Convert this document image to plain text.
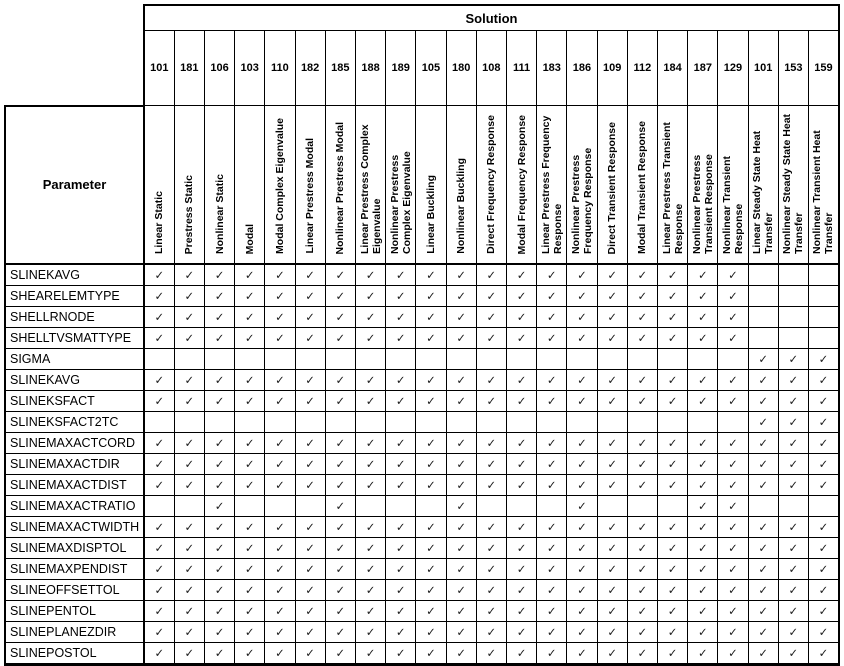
	Solution																						
	101	181	106	103	110	182	185	188	189	105	180	108	111	183	186	109	112	184	187	129	101	153	159
Parameter	Linear Static	Prestress Static	Nonlinear Static	Modal	Modal Complex Eigenvalue	Linear Prestress Modal	Nonlinear Prestress Modal	Linear Prestress Complex Eigenvalue	Nonlinear Prestress Complex Eigenvalue	Linear Buckling	Nonlinear Buckling	Direct Frequency Response	Modal Frequency Response	Linear Prestress Frequency Response	Nonlinear Prestress Frequency Response	Direct Transient Response	Modal Transient Response	Linear Prestress Transient Response	Nonlinear Prestress Transient Response	Nonlinear Transient Response	Linear Steady State Heat Transfer	Nonlinear Steady State Heat Transfer	Nonlinear Transient Heat Transfer
SLINEKAVG	✓	✓	✓	✓	✓	✓	✓	✓	✓	✓	✓	✓	✓	✓	✓	✓	✓	✓	✓	✓			
SHEARELEMTYPE	✓	✓	✓	✓	✓	✓	✓	✓	✓	✓	✓	✓	✓	✓	✓	✓	✓	✓	✓	✓			
SHELLRNODE	✓	✓	✓	✓	✓	✓	✓	✓	✓	✓	✓	✓	✓	✓	✓	✓	✓	✓	✓	✓			
SHELLTVSMATTYPE	✓	✓	✓	✓	✓	✓	✓	✓	✓	✓	✓	✓	✓	✓	✓	✓	✓	✓	✓	✓			
SIGMA																					✓	✓	✓
SLINEKAVG	✓	✓	✓	✓	✓	✓	✓	✓	✓	✓	✓	✓	✓	✓	✓	✓	✓	✓	✓	✓	✓	✓	✓
SLINEKSFACT	✓	✓	✓	✓	✓	✓	✓	✓	✓	✓	✓	✓	✓	✓	✓	✓	✓	✓	✓	✓	✓	✓	✓
SLINEKSFACT2TC																					✓	✓	✓
SLINEMAXACTCORD	✓	✓	✓	✓	✓	✓	✓	✓	✓	✓	✓	✓	✓	✓	✓	✓	✓	✓	✓	✓	✓	✓	✓
SLINEMAXACTDIR	✓	✓	✓	✓	✓	✓	✓	✓	✓	✓	✓	✓	✓	✓	✓	✓	✓	✓	✓	✓	✓	✓	✓
SLINEMAXACTDIST	✓	✓	✓	✓	✓	✓	✓	✓	✓	✓	✓	✓	✓	✓	✓	✓	✓	✓	✓	✓	✓	✓	✓
SLINEMAXACTRATIO			✓				✓				✓				✓				✓	✓			
SLINEMAXACTWIDTH	✓	✓	✓	✓	✓	✓	✓	✓	✓	✓	✓	✓	✓	✓	✓	✓	✓	✓	✓	✓	✓	✓	✓
SLINEMAXDISPTOL	✓	✓	✓	✓	✓	✓	✓	✓	✓	✓	✓	✓	✓	✓	✓	✓	✓	✓	✓	✓	✓	✓	✓
SLINEMAXPENDIST	✓	✓	✓	✓	✓	✓	✓	✓	✓	✓	✓	✓	✓	✓	✓	✓	✓	✓	✓	✓	✓	✓	✓
SLINEOFFSETTOL	✓	✓	✓	✓	✓	✓	✓	✓	✓	✓	✓	✓	✓	✓	✓	✓	✓	✓	✓	✓	✓	✓	✓
SLINEPENTOL	✓	✓	✓	✓	✓	✓	✓	✓	✓	✓	✓	✓	✓	✓	✓	✓	✓	✓	✓	✓	✓	✓	✓
SLINEPLANEZDIR	✓	✓	✓	✓	✓	✓	✓	✓	✓	✓	✓	✓	✓	✓	✓	✓	✓	✓	✓	✓	✓	✓	✓
SLINEPOSTOL	✓	✓	✓	✓	✓	✓	✓	✓	✓	✓	✓	✓	✓	✓	✓	✓	✓	✓	✓	✓	✓	✓	✓
